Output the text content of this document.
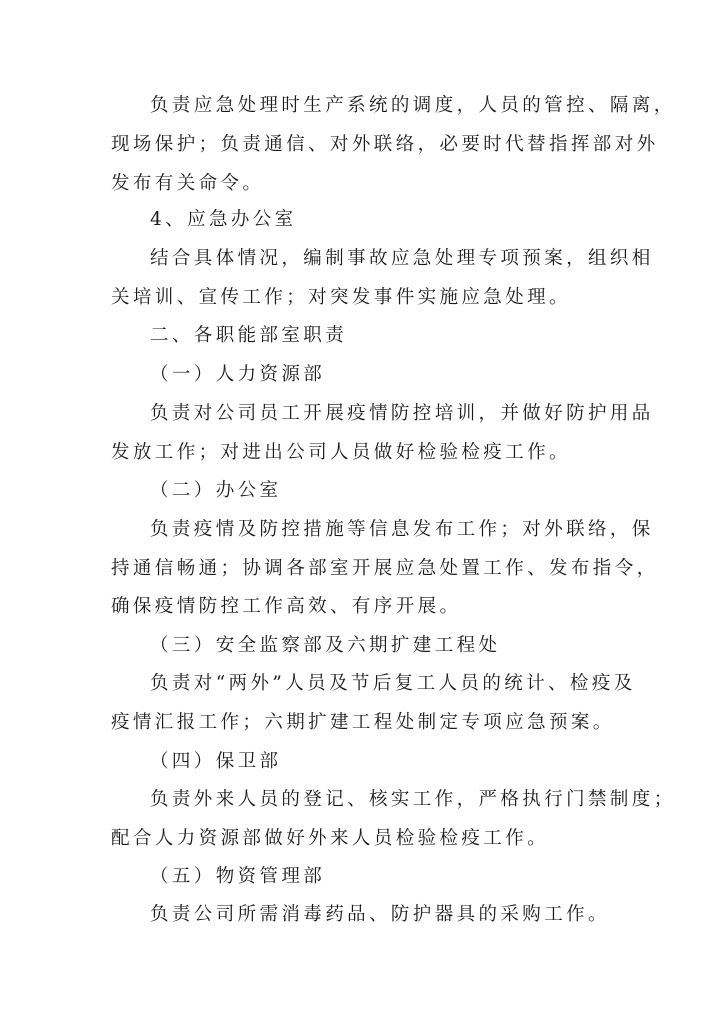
负责应急处理时生产系统的调度，人员的管控、隔离，
现场保护；负责通信、对外联络，必要时代替指挥部对外
发布有关命令。
4、应急办公室
结合具体情况，编制事故应急处理专项预案，组织相
关培训、宣传工作；对突发事件实施应急处理。
二、各职能部室职责
（一）人力资源部
负责对公司员工开展疫情防控培训，并做好防护用品
发放工作；对进出公司人员做好检验检疫工作。
（二）办公室
负责疫情及防控措施等信息发布工作；对外联络，保
持通信畅通；协调各部室开展应急处置工作、发布指令，
确保疫情防控工作高效、有序开展。
（三）安全监察部及六期扩建工程处
负责对“两外”人员及节后复工人员的统计、检疫及
疫情汇报工作；六期扩建工程处制定专项应急预案。
（四）保卫部
负责外来人员的登记、核实工作，严格执行门禁制度；
配合人力资源部做好外来人员检验检疫工作。
（五）物资管理部
负责公司所需消毒药品、防护器具的采购工作。
